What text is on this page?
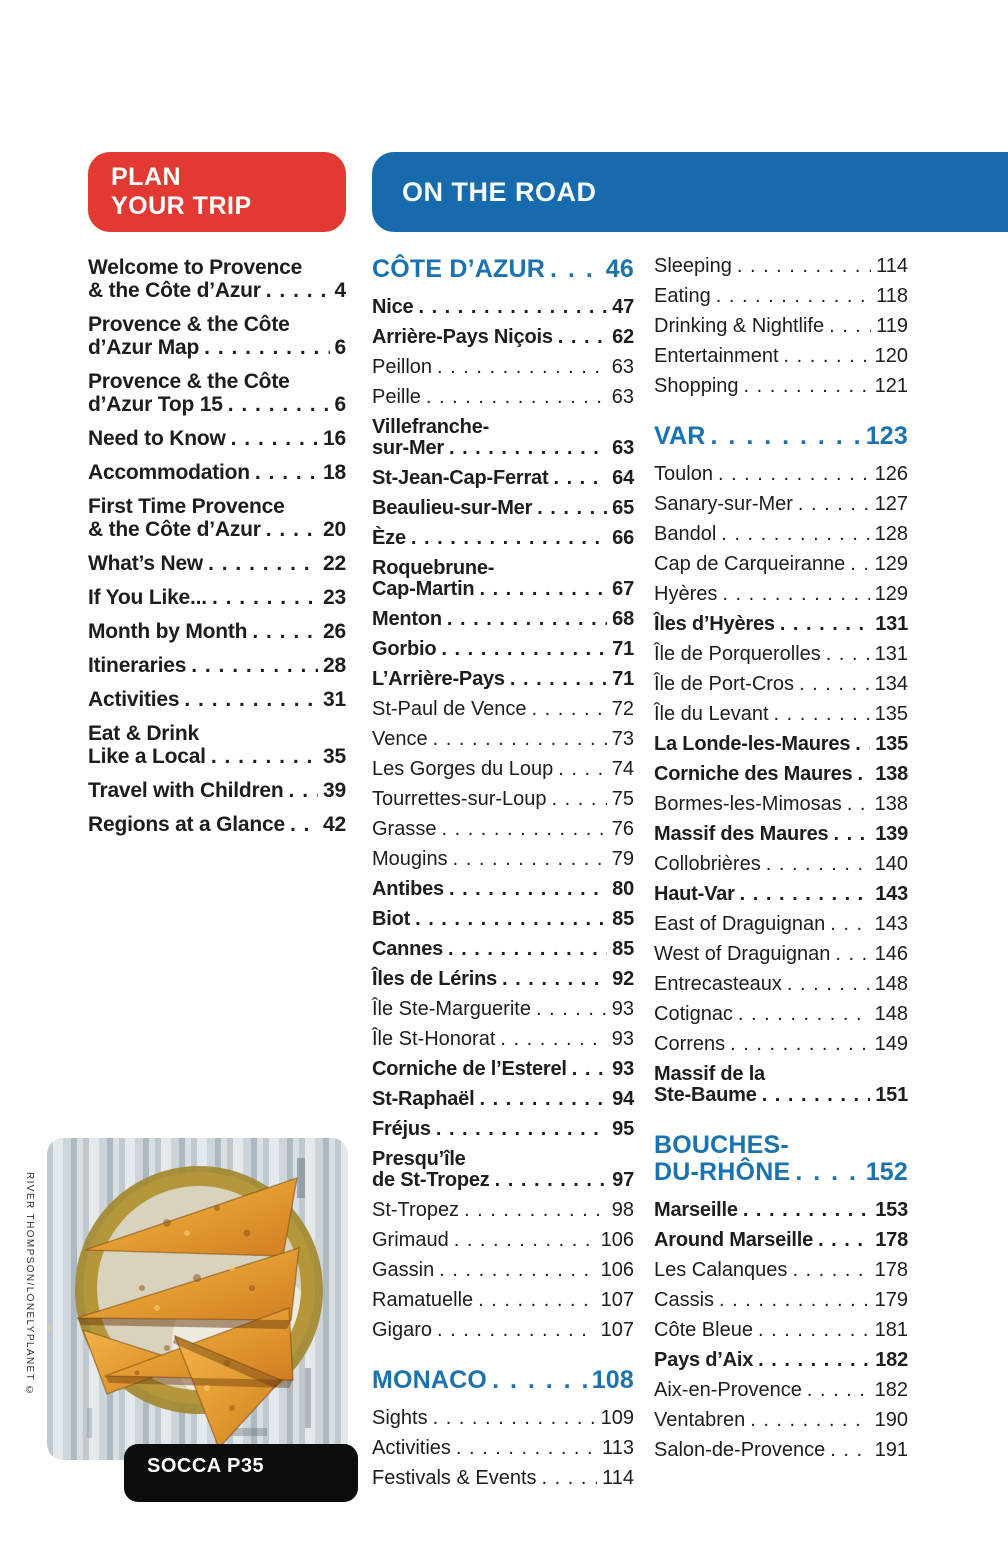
RIVER THOMPSON/LONELYPLANET ©
PLAN
YOUR TRIP	ON THE ROAD
Welcome to Provence
& the Côte d’Azur . . .	4
Provence & the Côte
d’Azur Map . . .	6
Provence & the Côte
d’Azur Top 15 . . .	6
Need to Know . . .	16
Accommodation . . .	18
First Time Provence
& the Côte d’Azur . . .	20
What’s New . . .	22
If You Like... . . .	23
Month by Month . . .	26
Itineraries . . .	28
Activities . . .	31
Eat & Drink
Like a Local . . .	35
Travel with Children . . . 39
Regions at a Glance . . . 42
CÔTE D’AZUR . . . 46
Nice . . .	47
Arrière-Pays Niçois . . .	62
Peillon . . .	63
Peille . . .	63
Villefranche-
sur-Mer . . .	63
St-Jean-Cap-Ferrat . . .	64
Beaulieu-sur-Mer . . .	65
Èze . . .	66
Roquebrune-
Cap-Martin . . .	67
Menton . . .	68
Gorbio . . .	71
L’Arrière-Pays . . .	71
St-Paul de Vence . . .	72
Vence . . .	73
Les Gorges du Loup . . .	74
Tourrettes-sur-Loup . . .	75
Grasse . . .	76
Mougins . . .	79
Antibes . . .	80
Biot . . .	85
Cannes . . .	85
Îles de Lérins . . .	92
Île Ste-Marguerite . . .	93
Île St-Honorat . . .	93
Corniche de l’Esterel . . . 93
St-Raphaël . . .	94
Fréjus . . .	95
Presqu’île
de St-Tropez . . .	97
St-Tropez . . .	98
Grimaud . . .	106
Gassin . . .	106
Ramatuelle . . .	107
Gigaro . . .	107
MONACO . . .	108
Sights . . .	109
Activities . . .	113
Festivals & Events . . .	114
Sleeping . . .	114
Eating . . .	118
Drinking & Nightlife . . .	119
Entertainment . . .	120
Shopping . . .	121
VAR . . .	123
Toulon . . .	126
Sanary-sur-Mer . . .	127
Bandol . . .	128
Cap de Carqueiranne . . . 129
Hyères . . .	129
Îles d’Hyères . . .	131
Île de Porquerolles . . .	131
Île de Port-Cros . . .	134
Île du Levant . . .	135
La Londe-les-Maures . . . 135
Corniche des Maures . . . 138
Bormes-les-Mimosas . . . 138
Massif des Maures . . . 139
Collobrières . . .	140
Haut-Var . . .	143
East of Draguignan . . . 143
West of Draguignan . . . 146
Entrecasteaux . . .	148
Cotignac . . .	148
Correns . . .	149
Massif de la
Ste-Baume . . .	151
BOUCHES-
DU-RHÔNE . . .	152
Marseille . . .	153
Around Marseille . . .	178
Les Calanques . . .	178
Cassis . . .	179
Côte Bleue . . .	181
Pays d’Aix . . .	182
Aix-en-Provence . . .	182
Ventabren . . .	190
Salon-de-Provence . . . 191
SOCCA P35
